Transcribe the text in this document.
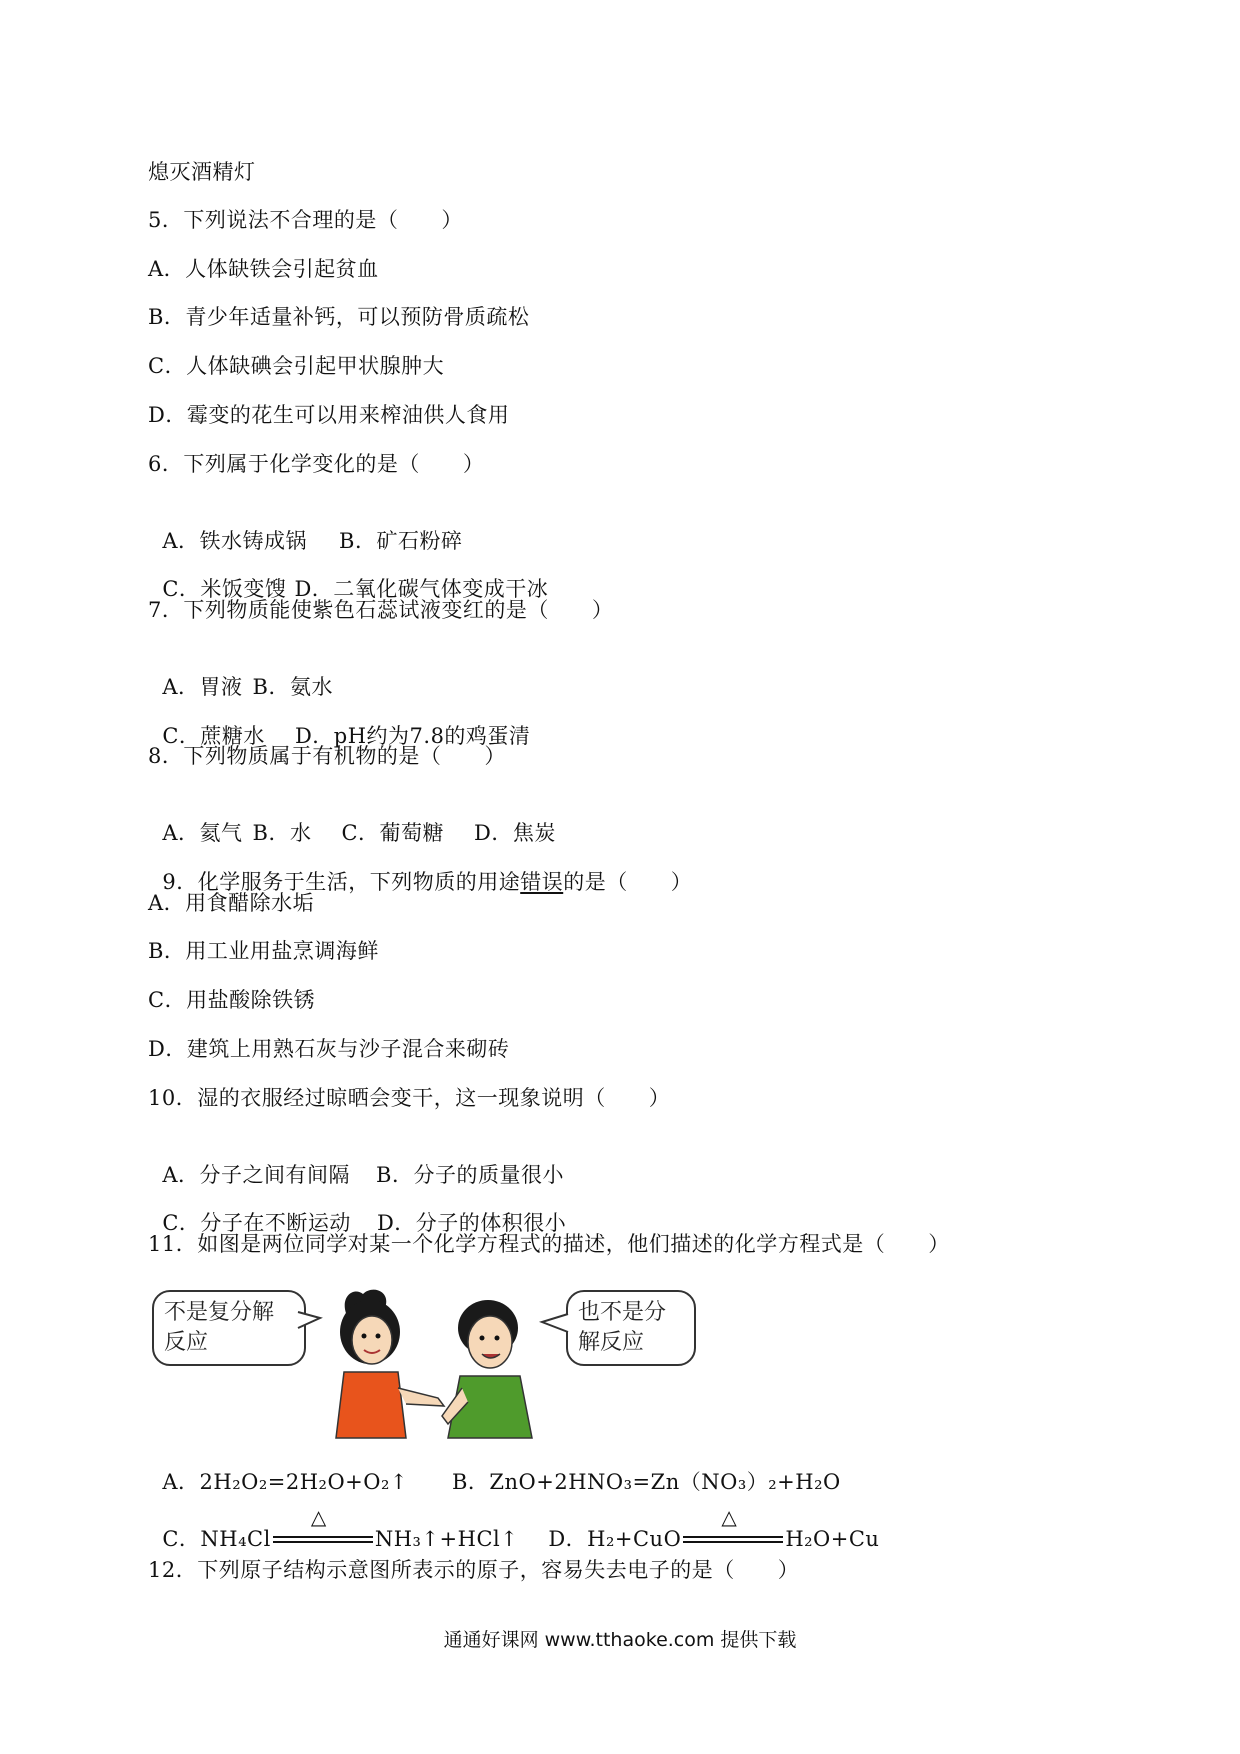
熄灭酒精灯
5．下列说法不合理的是（　　）
A．人体缺铁会引起贫血
B．青少年适量补钙，可以预防骨质疏松
C．人体缺碘会引起甲状腺肿大
D．霉变的花生可以用来榨油供人食用
6．下列属于化学变化的是（　　）

A．铁水铸成锅 B．矿石粉碎

C．米饭变馊 D．二氧化碳气体变成干冰

7．下列物质能使紫色石蕊试液变红的是（　　）

A．胃液 B．氨水

C．蔗糖水 D．pH约为7.8的鸡蛋清

8．下列物质属于有机物的是（　　）

A．氦气 B．水 C．葡萄糖 D．焦炭

9．化学服务于生活，下列物质的用途错误的是（　　）

A．用食醋除水垢
B．用工业用盐烹调海鲜
C．用盐酸除铁锈
D．建筑上用熟石灰与沙子混合来砌砖
10．湿的衣服经过晾晒会变干，这一现象说明（　　）

A．分子之间有间隔 B．分子的质量很小

C．分子在不断运动 D．分子的体积很小

11．如图是两位同学对某一个化学方程式的描述，他们描述的化学方程式是（　　）
不是复分解反应
也不是分解反应

A．2H₂O₂=2H₂O+O₂↑ B．ZnO+2HNO₃=Zn（NO₃）₂+H₂O

C．NH₄Cl
△
NH₃↑+HCl↑ D．H₂+CuO
△
H₂O+Cu

12．下列原子结构示意图所表示的原子，容易失去电子的是（　　）
通通好课网 www.tthaoke.com 提供下载
